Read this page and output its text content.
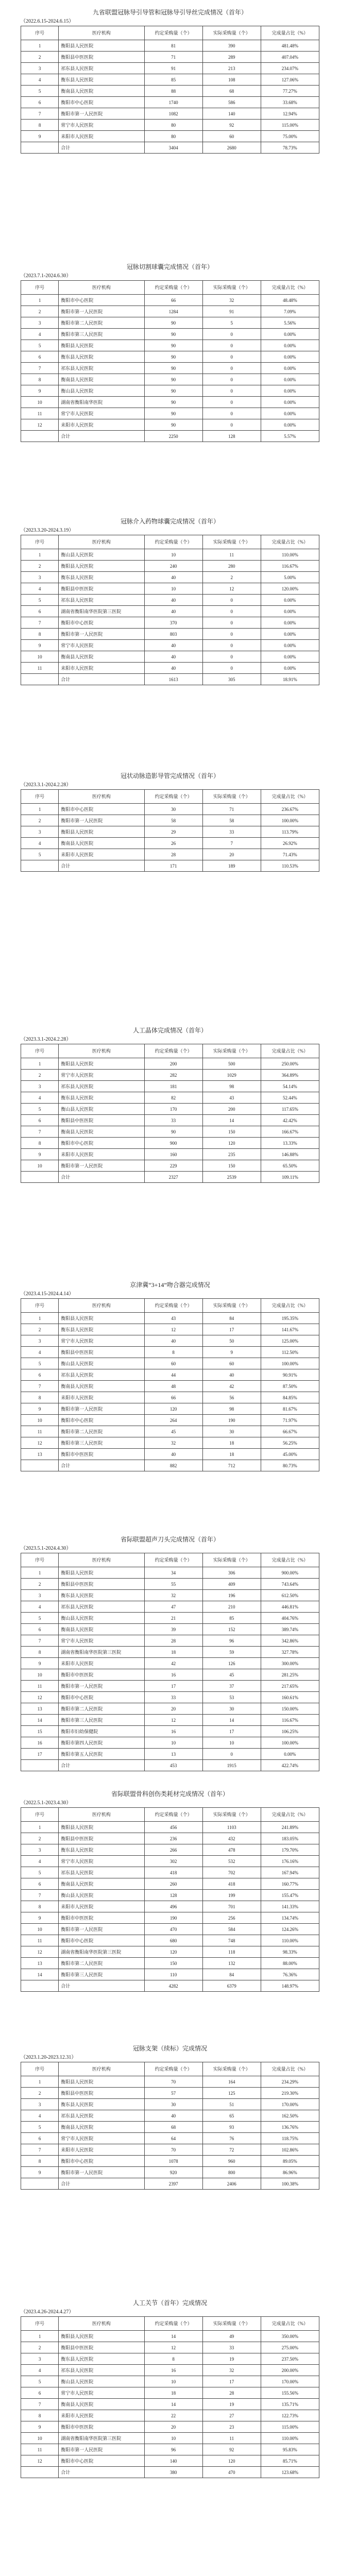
九省联盟冠脉导引导管和冠脉导引导丝完成情况（首年）
（2022.6.15-2024.6.15）
序号	医疗机构	约定采购量（个）	实际采购量（个）	完成量占比（%）
1	衡阳县人民医院	81	390	481.48%
2	衡阳县中医医院	71	289	407.04%
3	祁东县人民医院	91	213	234.07%
4	衡东县人民医院	85	108	127.06%
5	衡南县人民医院	88	68	77.27%
6	衡阳市中心医院	1740	586	33.68%
7	衡阳市第一人民医院	1082	140	12.94%
8	常宁市人民医院	80	92	115.00%
9	耒阳市人民医院	80	60	75.00%
	合计	3404	2680	78.73%
冠脉切割球囊完成情况（首年）
（2023.7.1-2024.6.30）
序号	医疗机构	约定采购量（个）	实际采购量（个）	完成量占比（%）
1	衡阳市中心医院	66	32	48.48%
2	衡阳市第一人民医院	1284	91	7.09%
3	衡阳市第二人民医院	90	5	5.56%
4	衡阳市第三人民医院	90	0	0.00%
5	衡阳县人民医院	90	0	0.00%
6	衡东县人民医院	90	0	0.00%
7	祁东县人民医院	90	0	0.00%
8	衡南县人民医院	90	0	0.00%
9	衡山县人民医院	90	0	0.00%
10	湖南省衡阳南华医院	90	0	0.00%
11	常宁市人民医院	90	0	0.00%
12	耒阳市人民医院	90	0	0.00%
	合计	2250	128	5.57%
冠脉介入药物球囊完成情况（首年）
（2023.3.20-2024.3.19）
序号	医疗机构	约定采购量（个）	实际采购量（个）	完成量占比（%）
1	衡山县人民医院	10	11	110.00%
2	衡阳县人民医院	240	280	116.67%
3	衡东县人民医院	40	2	5.00%
4	衡阳县中医医院	10	12	120.00%
5	祁东县人民医院	40	0	0.00%
6	湖南省衡阳南华医院第三医院	40	0	0.00%
7	衡阳市中心医院	370	0	0.00%
8	衡阳市第一人民医院	803	0	0.00%
9	常宁市人民医院	40	0	0.00%
10	衡南县人民医院	40	0	0.00%
11	耒阳市人民医院	40	0	0.00%
	合计	1613	305	18.91%
冠状动脉造影导管完成情况（首年）
（2023.3.1-2024.2.28）
序号	医疗机构	约定采购量（个）	实际采购量（个）	完成量占比（%）
1	衡阳市中心医院	30	71	236.67%
2	衡阳市第一人民医院	58	58	100.00%
3	衡阳县人民医院	29	33	113.79%
4	衡南县人民医院	26	7	26.92%
5	耒阳市人民医院	28	20	71.43%
	合计	171	189	110.53%
人工晶体完成情况（首年）
（2023.3.1-2024.2.28）
序号	医疗机构	约定采购量（个）	实际采购量（个）	完成量占比（%）
1	衡阳县人民医院	200	500	250.00%
2	常宁市人民医院	282	1029	364.89%
3	祁东县人民医院	181	98	54.14%
4	衡东县人民医院	82	43	52.44%
5	衡山县人民医院	170	200	117.65%
6	衡阳县中医医院	33	14	42.42%
7	衡南县人民医院	90	150	166.67%
8	衡阳市中心医院	900	120	13.33%
9	耒阳市人民医院	160	235	146.88%
10	衡阳市第一人民医院	229	150	65.50%
	合计	2327	2539	109.11%
京津冀“3+14”吻合器完成情况
（2023.4.15-2024.4.14）
序号	医疗机构	约定采购量（个）	实际采购量（个）	完成量占比（%）
1	衡阳县人民医院	43	84	195.35%
2	衡东县人民医院	12	17	141.67%
3	常宁市人民医院	40	50	125.00%
4	衡阳县中医医院	8	9	112.50%
5	衡山县人民医院	60	60	100.00%
6	祁东县人民医院	44	40	90.91%
7	衡南县人民医院	48	42	87.50%
8	耒阳市人民医院	66	56	84.85%
9	衡阳市第一人民医院	120	98	81.67%
10	衡阳市中心医院	264	190	71.97%
11	衡阳市第二人民医院	45	30	66.67%
12	衡阳市第三人民医院	32	18	56.25%
13	衡阳市中医医院	40	18	45.00%
	合计	882	712	80.73%
省际联盟超声刀头完成情况（首年）
（2023.5.1-2024.4.30）
序号	医疗机构	约定采购量（个）	实际采购量（个）	完成量占比（%）
1	衡阳县人民医院	34	306	900.00%
2	衡阳县中医医院	55	409	743.64%
3	衡东县人民医院	32	196	612.50%
4	祁东县人民医院	47	210	446.81%
5	衡山县人民医院	21	85	404.76%
6	衡南县人民医院	39	152	389.74%
7	常宁市人民医院	28	96	342.86%
8	湖南省衡阳南华医院第三医院	18	59	327.78%
9	耒阳市人民医院	42	126	300.00%
10	衡阳市中医医院	16	45	281.25%
11	衡阳市第一人民医院	17	37	217.65%
12	衡阳市中心医院	33	53	160.61%
13	衡阳市第二人民医院	20	30	150.00%
14	衡阳市第三人民医院	12	14	116.67%
15	衡阳市妇幼保健院	16	17	106.25%
16	衡阳市第四人民医院	10	10	100.00%
17	衡阳市第五人民医院	13	0	0.00%
	合计	453	1915	422.74%
省际联盟骨科创伤类耗材完成情况（首年）
（2022.5.1-2023.4.30）
序号	医疗机构	约定采购量（个）	实际采购量（个）	完成量占比（%）
1	衡阳县人民医院	456	1103	241.89%
2	衡阳县中医医院	236	432	183.05%
3	衡东县人民医院	266	478	179.70%
4	常宁市人民医院	302	532	176.16%
5	祁东县人民医院	418	702	167.94%
6	衡南县人民医院	260	418	160.77%
7	衡山县人民医院	128	199	155.47%
8	耒阳市人民医院	496	701	141.33%
9	衡阳市中医医院	190	256	134.74%
10	衡阳市第一人民医院	470	584	124.26%
11	衡阳市中心医院	680	748	110.00%
12	湖南省衡阳南华医院第三医院	120	118	98.33%
13	衡阳市第二人民医院	150	132	88.00%
14	衡阳市第三人民医院	110	84	76.36%
	合计	4282	6379	148.97%
冠脉支架（续标）完成情况
（2023.1.20-2023.12.31）
序号	医疗机构	约定采购量（个）	实际采购量（个）	完成量占比（%）
1	衡阳县人民医院	70	164	234.29%
2	衡阳县中医医院	57	125	219.30%
3	衡东县人民医院	30	51	170.00%
4	祁东县人民医院	40	65	162.50%
5	衡南县人民医院	68	93	136.76%
6	常宁市人民医院	64	76	118.75%
7	耒阳市人民医院	70	72	102.86%
8	衡阳市中心医院	1078	960	89.05%
9	衡阳市第一人民医院	920	800	86.96%
	合计	2397	2406	100.38%
人工关节（首年）完成情况
（2023.4.26-2024.4.27）
序号	医疗机构	约定采购量（个）	实际采购量（个）	完成量占比（%）
1	衡阳县人民医院	14	49	350.00%
2	衡阳县中医医院	12	33	275.00%
3	衡东县人民医院	8	19	237.50%
4	祁东县人民医院	16	32	200.00%
5	衡山县人民医院	10	17	170.00%
6	常宁市人民医院	18	28	155.56%
7	衡南县人民医院	14	19	135.71%
8	耒阳市人民医院	22	27	122.73%
9	衡阳市中医医院	20	23	115.00%
10	湖南省衡阳南华医院第三医院	10	11	110.00%
11	衡阳市第一人民医院	96	92	95.83%
12	衡阳市中心医院	140	120	85.71%
	合计	380	470	123.68%
